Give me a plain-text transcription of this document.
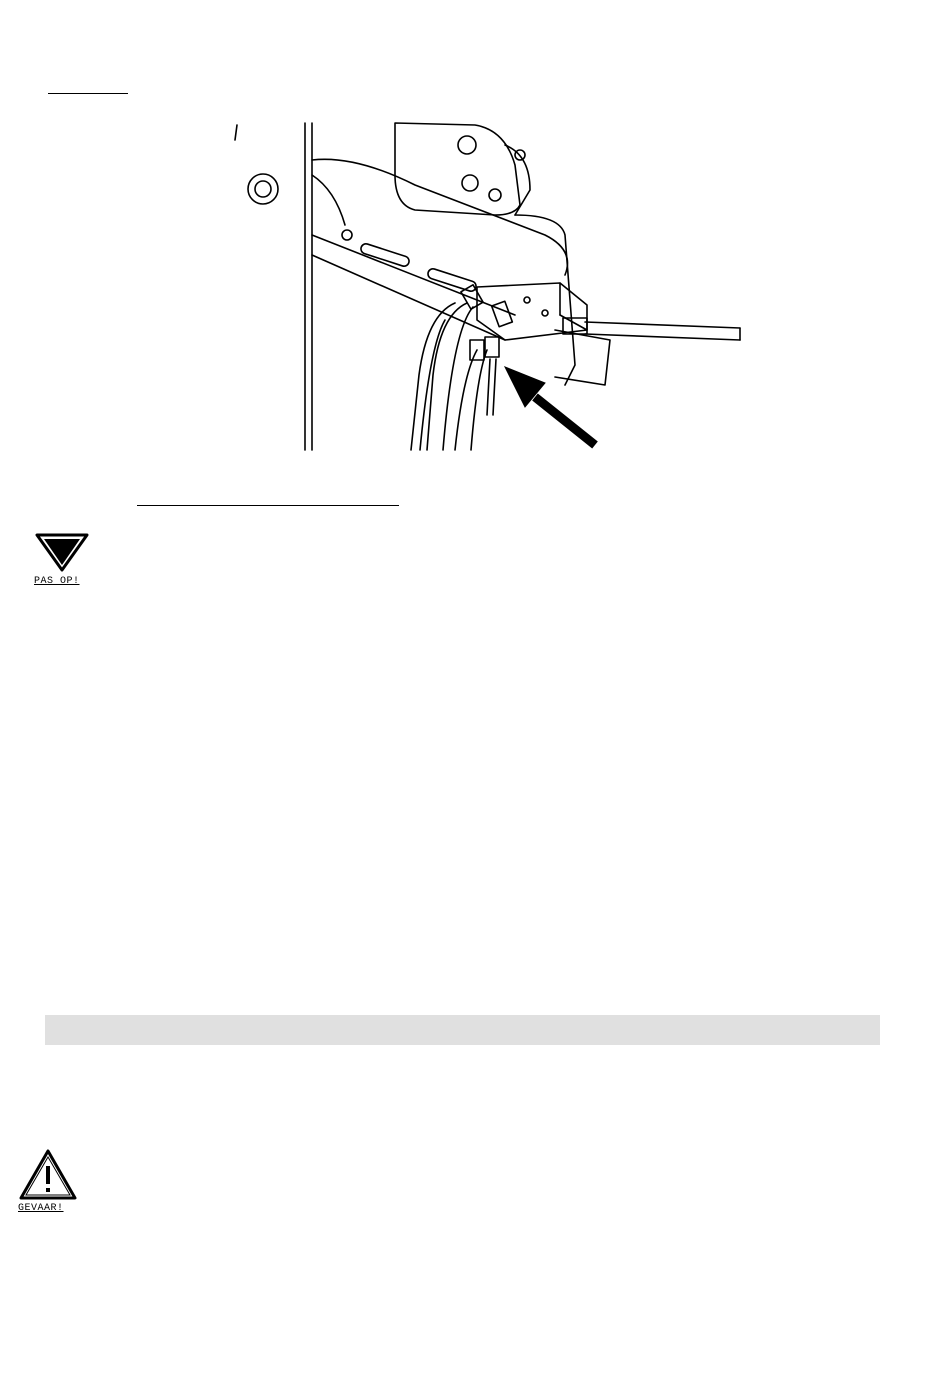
PAS OP!
GEVAAR!
